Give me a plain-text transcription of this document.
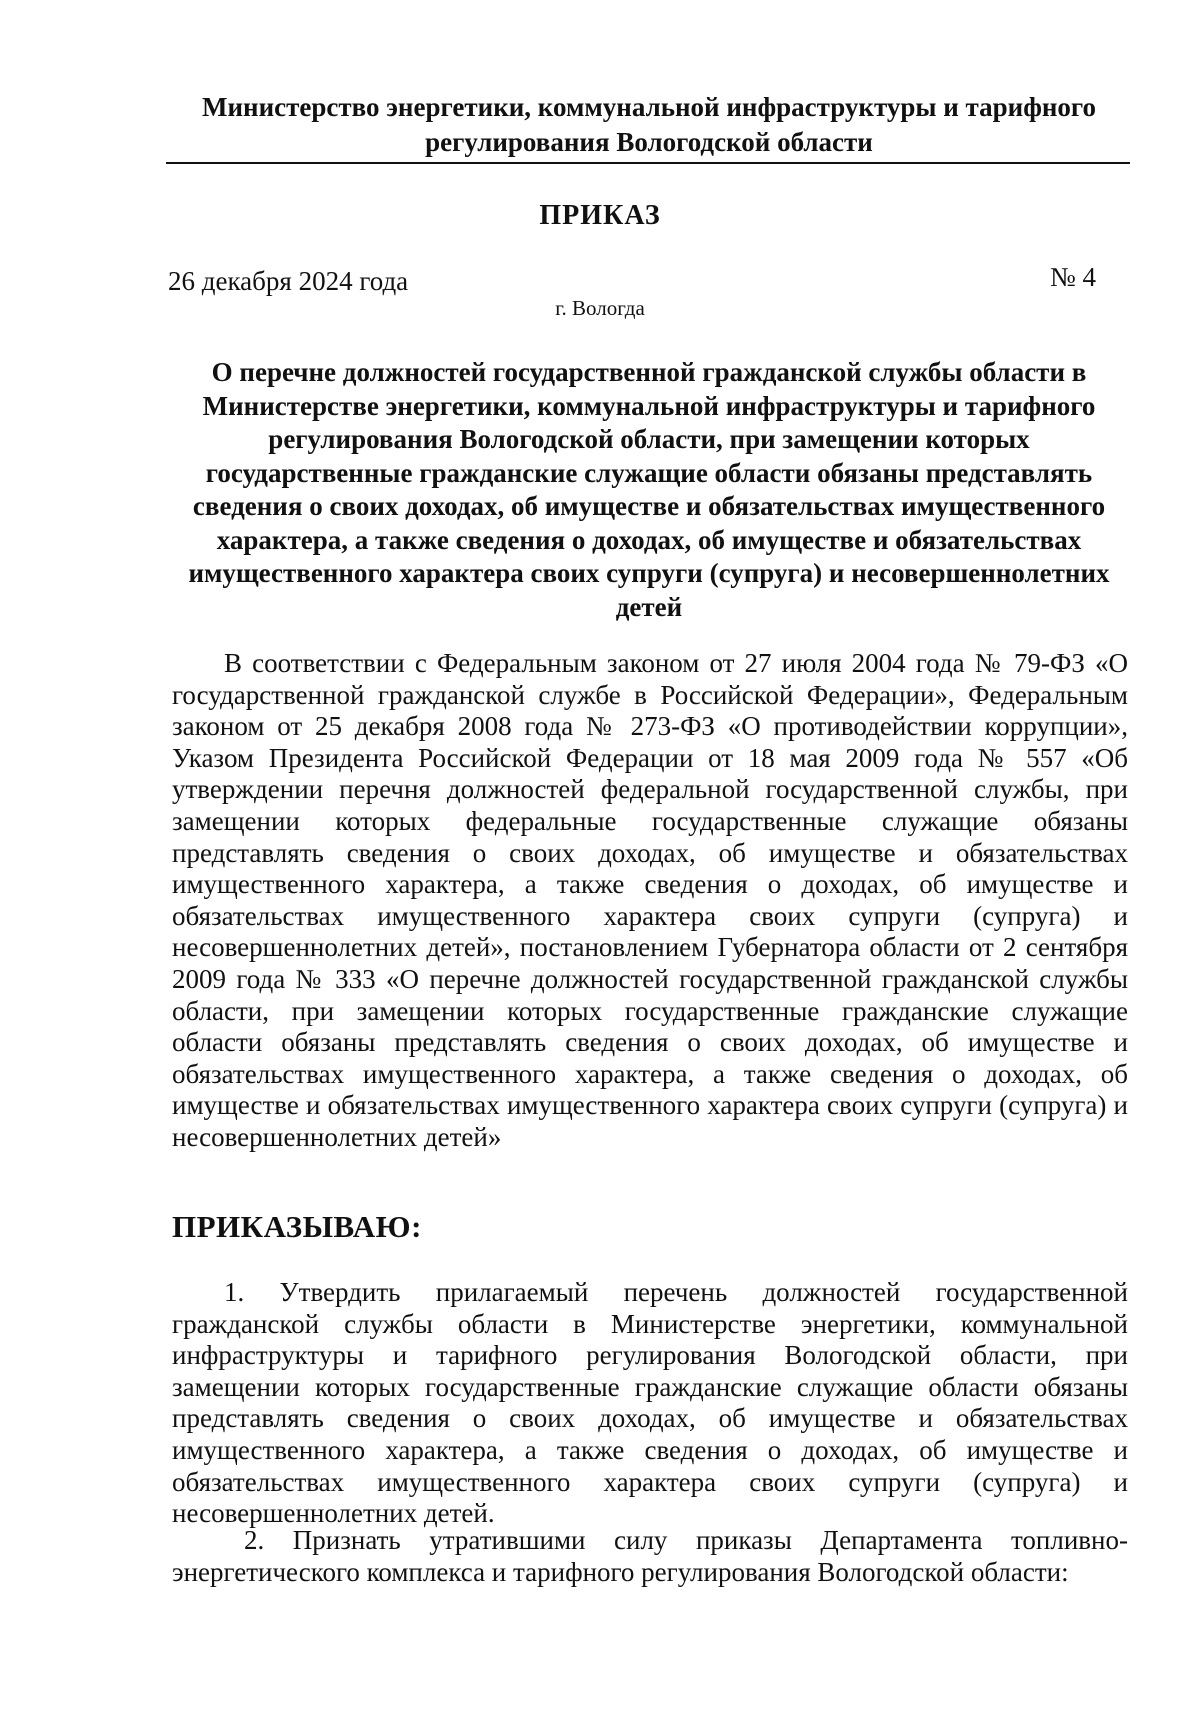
Министерство энергетики, коммунальной инфраструктуры и тарифного регулирования Вологодской области
ПРИКАЗ
26 декабря 2024 года	№ 4
г. Вологда
О перечне должностей государственной гражданской службы области в Министерстве энергетики, коммунальной инфраструктуры и тарифного регулирования Вологодской области, при замещении которых государственные гражданские служащие области обязаны представлять сведения о своих доходах, об имуществе и обязательствах имущественного характера, а также сведения о доходах, об имуществе и обязательствах имущественного характера своих супруги (супруга) и несовершеннолетних детей
В соответствии с Федеральным законом от 27 июля 2004 года № 79-ФЗ «О государственной гражданской службе в Российской Федерации», Федеральным законом от 25 декабря 2008 года № 273-ФЗ «О противодействии коррупции», Указом Президента Российской Федерации от 18 мая 2009 года № 557 «Об утверждении перечня должностей федеральной государственной службы, при замещении которых федеральные государственные служащие обязаны представлять сведения о своих доходах, об имуществе и обязательствах имущественного характера, а также сведения о доходах, об имуществе и обязательствах имущественного характера своих супруги (супруга) и несовершеннолетних детей», постановлением Губернатора области от 2 сентября 2009 года № 333 «О перечне должностей государственной гражданской службы области, при замещении которых государственные гражданские служащие области обязаны представлять сведения о своих доходах, об имуществе и обязательствах имущественного характера, а также сведения о доходах, об имуществе и обязательствах имущественного характера своих супруги (супруга) и несовершеннолетних детей»
ПРИКАЗЫВАЮ:
1. Утвердить прилагаемый перечень должностей государственной гражданской службы области в Министерстве энергетики, коммунальной инфраструктуры и тарифного регулирования Вологодской области, при замещении которых государственные гражданские служащие области обязаны представлять сведения о своих доходах, об имуществе и обязательствах имущественного характера, а также сведения о доходах, об имуществе и обязательствах имущественного характера своих супруги (супруга) и несовершеннолетних детей.
2. Признать утратившими силу приказы Департамента топливно-энергетического комплекса и тарифного регулирования Вологодской области:
